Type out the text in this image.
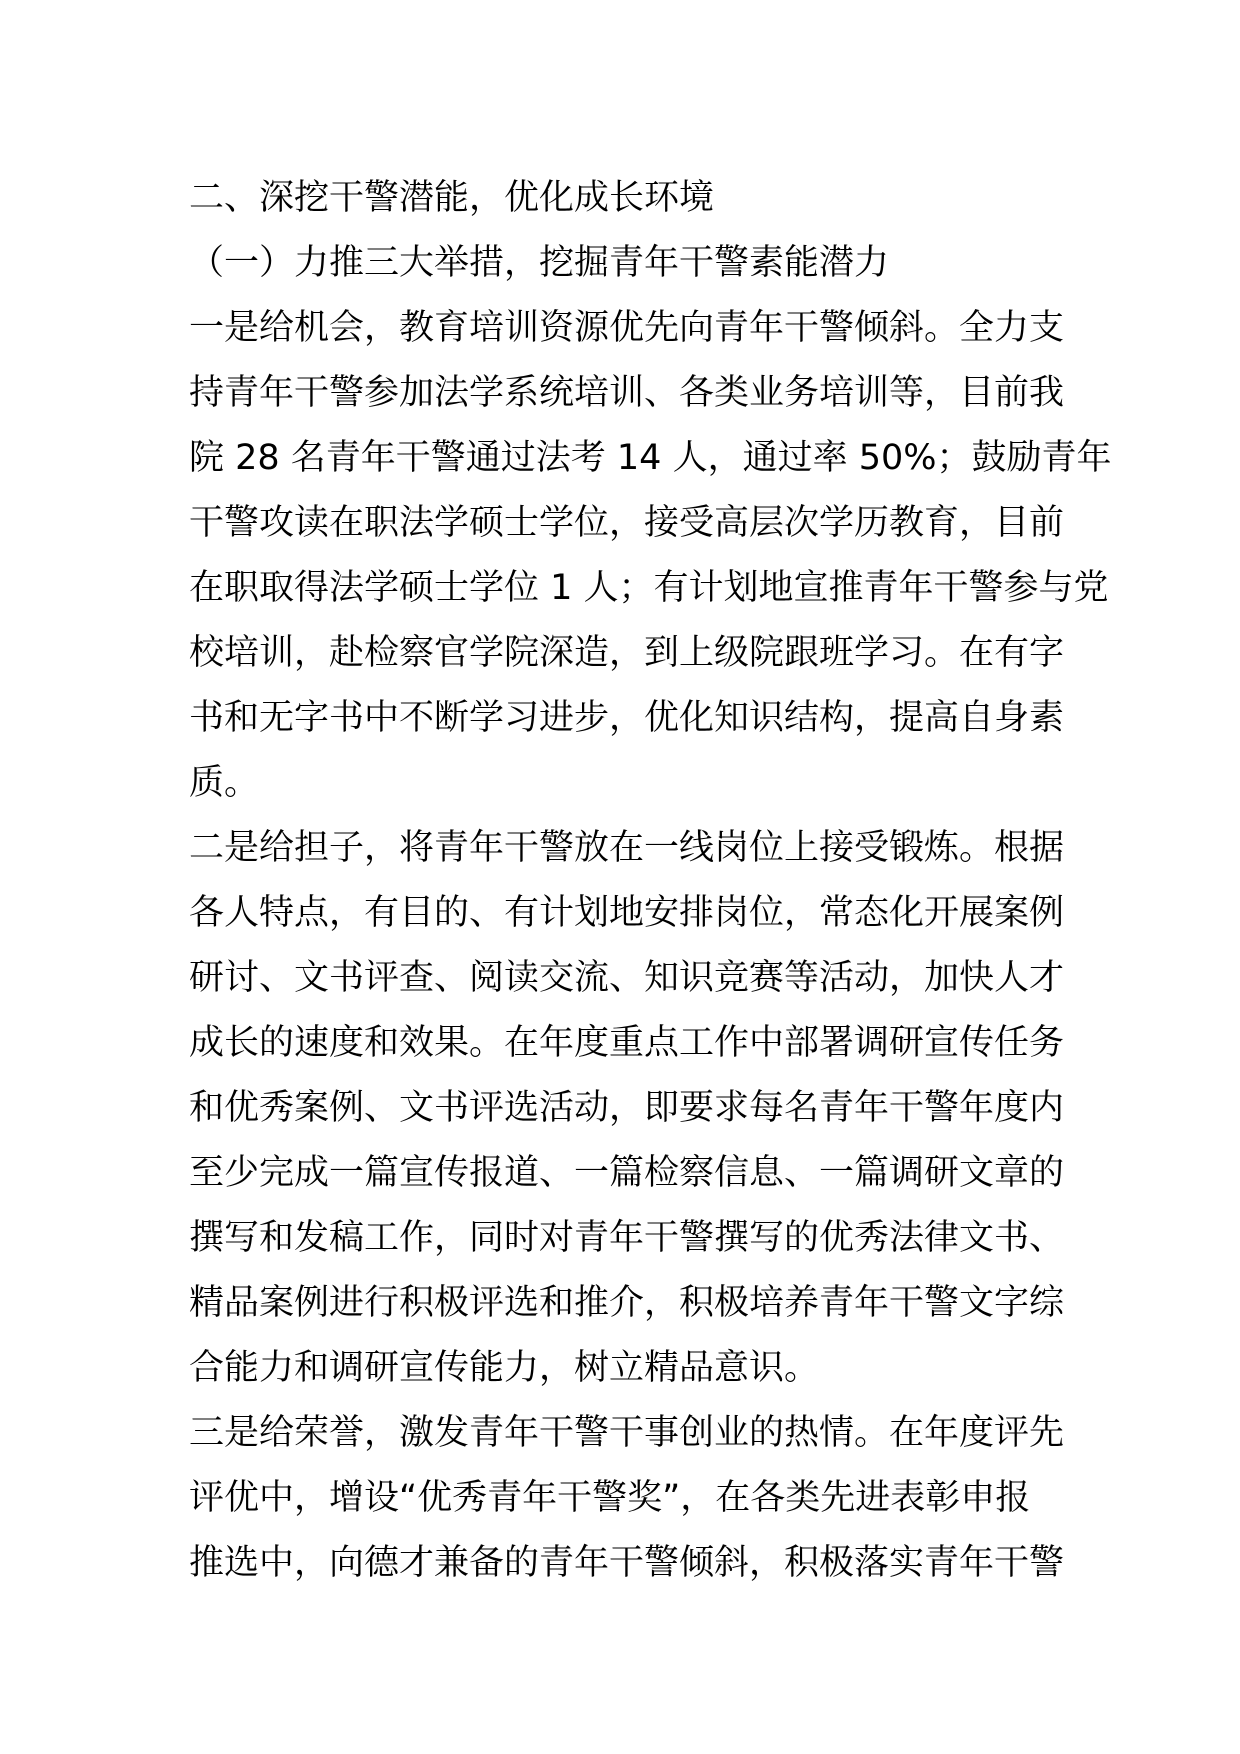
二、深挖干警潜能，优化成长环境
（一）力推三大举措，挖掘青年干警素能潜力
一是给机会，教育培训资源优先向青年干警倾斜。全力支
持青年干警参加法学系统培训、各类业务培训等，目前我
院 28 名青年干警通过法考 14 人，通过率 50%；鼓励青年
干警攻读在职法学硕士学位，接受高层次学历教育，目前
在职取得法学硕士学位 1 人；有计划地宣推青年干警参与党
校培训，赴检察官学院深造，到上级院跟班学习。在有字
书和无字书中不断学习进步，优化知识结构，提高自身素
质。
二是给担子，将青年干警放在一线岗位上接受锻炼。根据
各人特点，有目的、有计划地安排岗位，常态化开展案例
研讨、文书评查、阅读交流、知识竞赛等活动，加快人才
成长的速度和效果。在年度重点工作中部署调研宣传任务
和优秀案例、文书评选活动，即要求每名青年干警年度内
至少完成一篇宣传报道、一篇检察信息、一篇调研文章的
撰写和发稿工作，同时对青年干警撰写的优秀法律文书、
精品案例进行积极评选和推介，积极培养青年干警文字综
合能力和调研宣传能力，树立精品意识。
三是给荣誉，激发青年干警干事创业的热情。在年度评先
评优中，增设“优秀青年干警奖”，在各类先进表彰申报
推选中，向德才兼备的青年干警倾斜，积极落实青年干警
